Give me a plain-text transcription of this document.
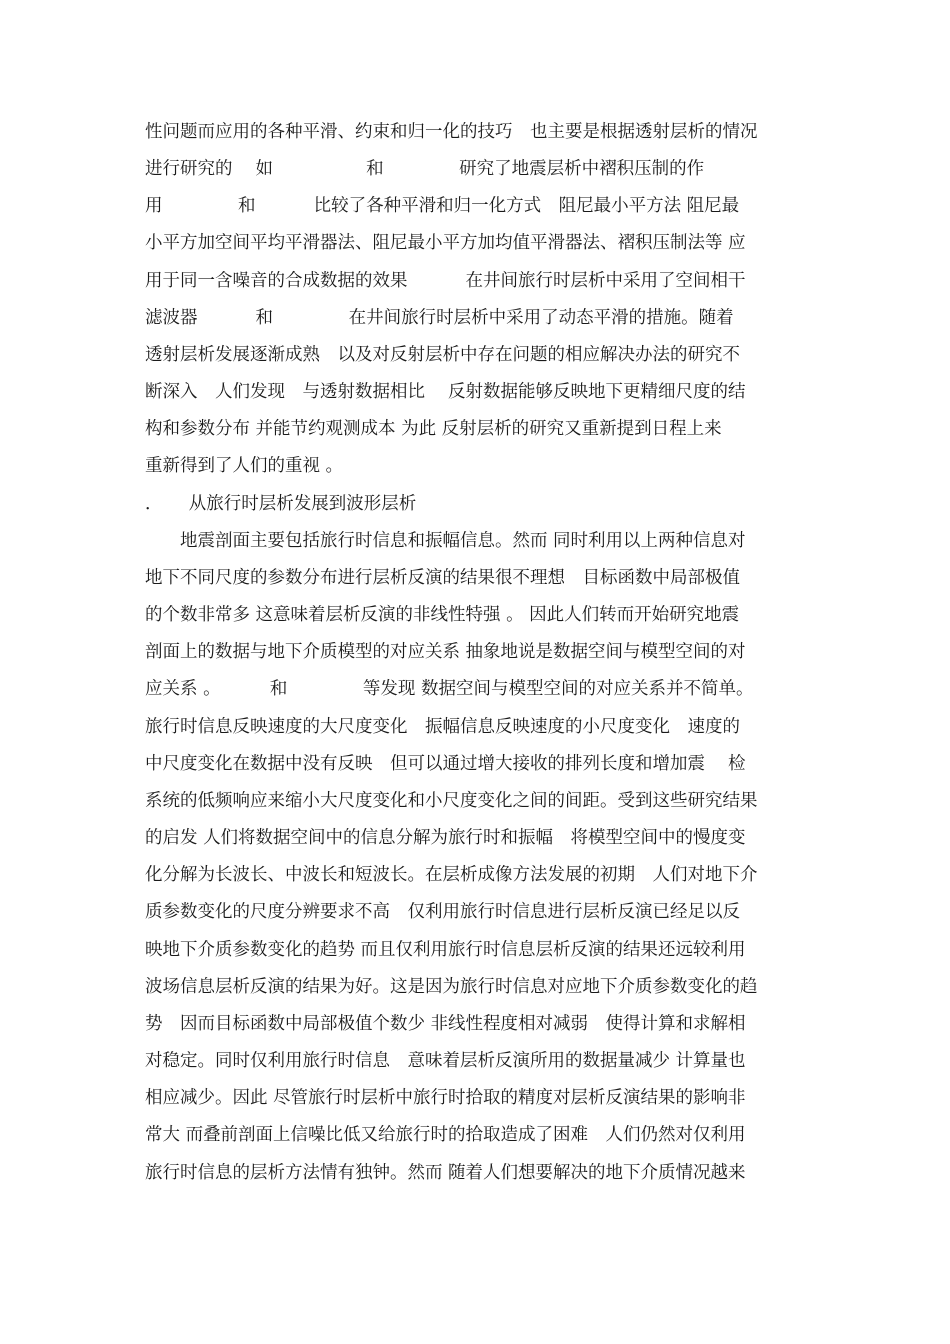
性问题而应用的各种平滑、约束和归一化的技巧　也主要是根据透射层析的情况
进行研究的　 如　　　　　 和　　　　 研究了地震层析中褶积压制的作
用　　　　 和　　　 比较了各种平滑和归一化方式　阻尼最小平方法 阻尼最
小平方加空间平均平滑器法、阻尼最小平方加均值平滑器法、褶积压制法等 应
用于同一含噪音的合成数据的效果　　　 在井间旅行时层析中采用了空间相干
滤波器　　　 和　　　　 在井间旅行时层析中采用了动态平滑的措施。随着
透射层析发展逐渐成熟　以及对反射层析中存在问题的相应解决办法的研究不
断深入　人们发现　与透射数据相比　 反射数据能够反映地下更精细尺度的结
构和参数分布 并能节约观测成本 为此 反射层析的研究又重新提到日程上来
重新得到了人们的重视 。
．　　从旅行时层析发展到波形层析
　　地震剖面主要包括旅行时信息和振幅信息。然而 同时利用以上两种信息对
地下不同尺度的参数分布进行层析反演的结果很不理想　目标函数中局部极值
的个数非常多 这意味着层析反演的非线性特强 。 因此人们转而开始研究地震
剖面上的数据与地下介质模型的对应关系 抽象地说是数据空间与模型空间的对
应关系 。　　　 和　　　　 等发现 数据空间与模型空间的对应关系并不简单。
旅行时信息反映速度的大尺度变化　振幅信息反映速度的小尺度变化　速度的
中尺度变化在数据中没有反映　但可以通过增大接收的排列长度和增加震　 检
系统的低频响应来缩小大尺度变化和小尺度变化之间的间距。受到这些研究结果
的启发 人们将数据空间中的信息分解为旅行时和振幅　将模型空间中的慢度变
化分解为长波长、中波长和短波长。在层析成像方法发展的初期　人们对地下介
质参数变化的尺度分辨要求不高　仅利用旅行时信息进行层析反演已经足以反
映地下介质参数变化的趋势 而且仅利用旅行时信息层析反演的结果还远较利用
波场信息层析反演的结果为好。这是因为旅行时信息对应地下介质参数变化的趋
势　因而目标函数中局部极值个数少 非线性程度相对减弱　使得计算和求解相
对稳定。同时仅利用旅行时信息　意味着层析反演所用的数据量减少 计算量也
相应减少。因此 尽管旅行时层析中旅行时拾取的精度对层析反演结果的影响非
常大 而叠前剖面上信噪比低又给旅行时的拾取造成了困难　人们仍然对仅利用
旅行时信息的层析方法情有独钟。然而 随着人们想要解决的地下介质情况越来
